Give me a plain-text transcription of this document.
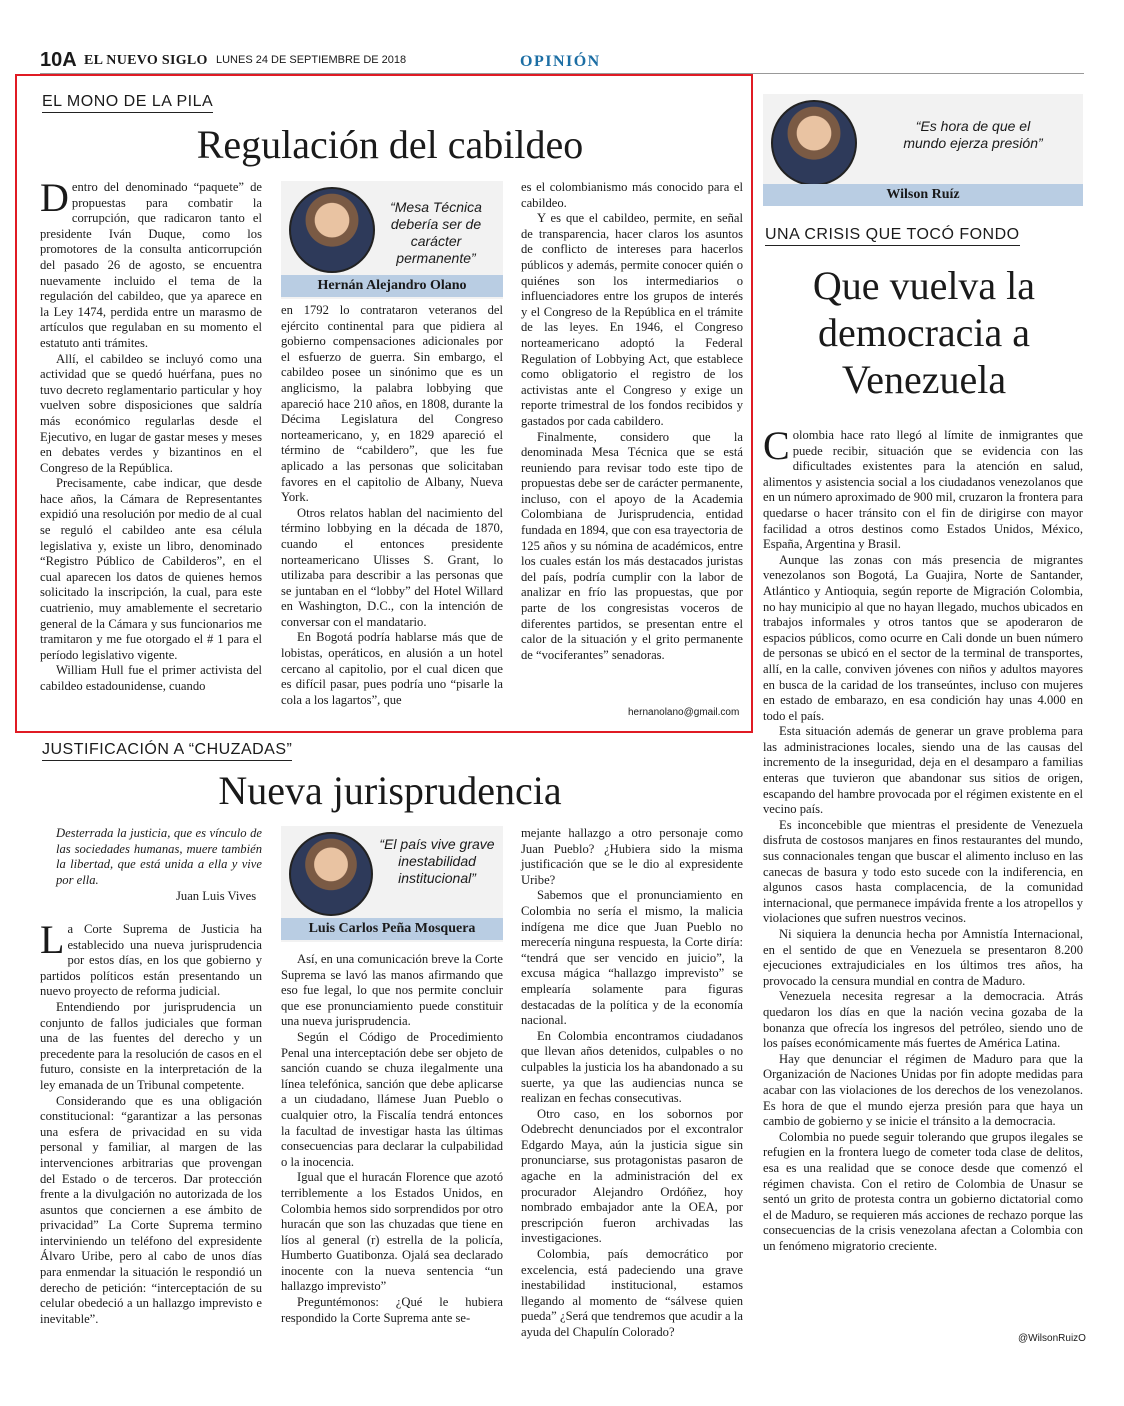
10A EL NUEVO SIGLO LUNES 24 DE SEPTIEMBRE DE 2018	OPINIÓN
EL MONO DE LA PILA
Regulación del cabildeo

Dentro del denominado “paquete” de propuestas para combatir la corrupción, que radicaron tanto el presidente Iván Duque, como los promotores de la consulta anticorrupción del pasado 26 de agosto, se encuentra nuevamente incluido el tema de la regulación del cabildeo, que ya aparece en la Ley 1474, perdida entre un marasmo de artículos que regulaban en su momento el estatuto anti trámites.

Allí, el cabildeo se incluyó como una actividad que se quedó huérfana, pues no tuvo decreto reglamentario particular y hoy vuelven sobre disposiciones que saldría más económico regularlas desde el Ejecutivo, en lugar de gastar meses y meses en debates verdes y bizantinos en el Congreso de la República.

Precisamente, cabe indicar, que desde hace años, la Cámara de Representantes expidió una resolución por medio de al cual se reguló el cabildeo ante esa célula legislativa y, existe un libro, denominado “Registro Público de Cabilderos”, en el cual aparecen los datos de quienes hemos solicitado la inscripción, la cual, para este cuatrienio, muy amablemente el secretario general de la Cámara y sus funcionarios me tramitaron y me fue otorgado el # 1 para el período legislativo vigente.

William Hull fue el primer activista del cabildeo estadounidense, cuando

“Mesa Técnica debería ser de carácter permanente”
Hernán Alejandro Olano

en 1792 lo contrataron veteranos del ejército continental para que pidiera al gobierno compensaciones adicionales por el esfuerzo de guerra. Sin embargo, el cabildeo posee un sinónimo que es un anglicismo, la palabra lobbying que apareció hace 210 años, en 1808, durante la Décima Legislatura del Congreso norteamericano, y, en 1829 apareció el término de “cabildero”, que les fue aplicado a las personas que solicitaban favores en el capitolio de Albany, Nueva York.

Otros relatos hablan del nacimiento del término lobbying en la década de 1870, cuando el entonces presidente norteamericano Ulisses S. Grant, lo utilizaba para describir a las personas que se juntaban en el “lobby” del Hotel Willard en Washington, D.C., con la intención de conversar con el mandatario.

En Bogotá podría hablarse más que de lobistas, operáticos, en alusión a un hotel cercano al capitolio, por el cual dicen que es difícil pasar, pues podría uno “pisarle la cola a los lagartos”, que

es el colombianismo más conocido para el cabildeo.

Y es que el cabildeo, permite, en señal de transparencia, hacer claros los asuntos de conflicto de intereses para hacerlos públicos y además, permite conocer quién o quiénes son los intermediarios o influenciadores entre los grupos de interés y el Congreso de la República en el trámite de las leyes. En 1946, el Congreso norteamericano adoptó la Federal Regulation of Lobbying Act, que establece como obligatorio el registro de los activistas ante el Congreso y exige un reporte trimestral de los fondos recibidos y gastados por cada cabildero.

Finalmente, considero que la denominada Mesa Técnica que se está reuniendo para revisar todo este tipo de propuestas debe ser de carácter permanente, incluso, con el apoyo de la Academia Colombiana de Jurisprudencia, entidad fundada en 1894, que con esa trayectoria de 125 años y su nómina de académicos, entre los cuales están los más destacados juristas del país, podría cumplir con la labor de analizar en frío las propuestas, que por parte de los congresistas voceros de diferentes partidos, se presentan entre el calor de la situación y el grito permanente de “vociferantes” senadoras.

hernanolano@gmail.com
JUSTIFICACIÓN A “CHUZADAS”
Nueva jurisprudencia
Desterrada la justicia, que es vínculo de las sociedades humanas, muere también la libertad, que está unida a ella y vive por ella.
Juan Luis Vives

La Corte Suprema de Justicia ha establecido una nueva jurisprudencia por estos días, en los que gobierno y partidos políticos están presentando un nuevo proyecto de reforma judicial.

Entendiendo por jurisprudencia un conjunto de fallos judiciales que forman una de las fuentes del derecho y un precedente para la resolución de casos en el futuro, consiste en la interpretación de la ley emanada de un Tribunal competente.

Considerando que es una obligación constitucional: “garantizar a las personas una esfera de privacidad en su vida personal y familiar, al margen de las intervenciones arbitrarias que provengan del Estado o de terceros. Dar protección frente a la divulgación no autorizada de los asuntos que conciernen a ese ámbito de privacidad” La Corte Suprema termino interviniendo un teléfono del expresidente Álvaro Uribe, pero al cabo de unos días para enmendar la situación le respondió un derecho de petición: “interceptación de su celular obedeció a un hallazgo imprevisto e inevitable”.

“El país vive grave inestabilidad institucional”
Luis Carlos Peña Mosquera

Así, en una comunicación breve la Corte Suprema se lavó las manos afirmando que eso fue legal, lo que nos permite concluir que ese pronunciamiento puede constituir una nueva jurisprudencia.

Según el Código de Procedimiento Penal una interceptación debe ser objeto de sanción cuando se chuza ilegalmente una línea telefónica, sanción que debe aplicarse a un ciudadano, llámese Juan Pueblo o cualquier otro, la Fiscalía tendrá entonces la facultad de investigar hasta las últimas consecuencias para declarar la culpabilidad o la inocencia.

Igual que el huracán Florence que azotó terriblemente a los Estados Unidos, en Colombia hemos sido sorprendidos por otro huracán que son las chuzadas que tiene en líos al general (r) estrella de la policía, Humberto Guatibonza. Ojalá sea declarado inocente con la nueva sentencia “un hallazgo imprevisto”

Preguntémonos: ¿Qué le hubiera respondido la Corte Suprema ante se-

mejante hallazgo a otro personaje como Juan Pueblo? ¿Hubiera sido la misma justificación que se le dio al expresidente Uribe?

Sabemos que el pronunciamiento en Colombia no sería el mismo, la malicia indígena me dice que Juan Pueblo no merecería ninguna respuesta, la Corte diría: “tendrá que ser vencido en juicio”, la excusa mágica “hallazgo imprevisto” se emplearía solamente para figuras destacadas de la política y de la economía nacional.

En Colombia encontramos ciudadanos que llevan años detenidos, culpables o no culpables la justicia los ha abandonado a su suerte, ya que las audiencias nunca se realizan en fechas consecutivas.

Otro caso, en los sobornos por Odebrecht denunciados por el excontralor Edgardo Maya, aún la justicia sigue sin pronunciarse, sus protagonistas pasaron de agache en la administración del ex procurador Alejandro Ordóñez, hoy nombrado embajador ante la OEA, por prescripción fueron archivadas las investigaciones.

Colombia, país democrático por excelencia, está padeciendo una grave inestabilidad institucional, estamos llegando al momento de “sálvese quien pueda” ¿Será que tendremos que acudir a la ayuda del Chapulín Colorado?

“Es hora de que el mundo ejerza presión”
Wilson Ruíz
UNA CRISIS QUE TOCÓ FONDO
Que vuelva la democracia a Venezuela

Colombia hace rato llegó al límite de inmigrantes que puede recibir, situación que se evidencia con las dificultades existentes para la atención en salud, alimentos y asistencia social a los ciudadanos venezolanos que en un número aproximado de 900 mil, cruzaron la frontera para quedarse o hacer tránsito con el fin de dirigirse con mayor facilidad a otros destinos como Estados Unidos, México, España, Argentina y Brasil.

Aunque las zonas con más presencia de migrantes venezolanos son Bogotá, La Guajira, Norte de Santander, Atlántico y Antioquia, según reporte de Migración Colombia, no hay municipio al que no hayan llegado, muchos ubicados en trabajos informales y otros tantos que se apoderaron de espacios públicos, como ocurre en Cali donde un buen número de personas se ubicó en el sector de la terminal de transportes, allí, en la calle, conviven jóvenes con niños y adultos mayores en busca de la caridad de los transeúntes, incluso con mujeres en estado de embarazo, en esa condición hay unas 4.000 en todo el país.

Esta situación además de generar un grave problema para las administraciones locales, siendo una de las causas del incremento de la inseguridad, deja en el desamparo a familias enteras que tuvieron que abandonar sus sitios de origen, escapando del hambre provocada por el régimen existente en el vecino país.

Es inconcebible que mientras el presidente de Venezuela disfruta de costosos manjares en finos restaurantes del mundo, sus connacionales tengan que buscar el alimento incluso en las canecas de basura y todo esto sucede con la indiferencia, en algunos casos hasta complacencia, de la comunidad internacional, que permanece impávida frente a los atropellos y violaciones que sufren nuestros vecinos.

Ni siquiera la denuncia hecha por Amnistía Internacional, en el sentido de que en Venezuela se presentaron 8.200 ejecuciones extrajudiciales en los últimos tres años, ha provocado la censura mundial en contra de Maduro.

Venezuela necesita regresar a la democracia. Atrás quedaron los días en que la nación vecina gozaba de la bonanza que ofrecía los ingresos del petróleo, siendo uno de los países económicamente más fuertes de América Latina.

Hay que denunciar el régimen de Maduro para que la Organización de Naciones Unidas por fin adopte medidas para acabar con las violaciones de los derechos de los venezolanos. Es hora de que el mundo ejerza presión para que haya un cambio de gobierno y se inicie el tránsito a la democracia.

Colombia no puede seguir tolerando que grupos ilegales se refugien en la frontera luego de cometer toda clase de delitos, esa es una realidad que se conoce desde que comenzó el régimen chavista. Con el retiro de Colombia de Unasur se sentó un grito de protesta contra un gobierno dictatorial como el de Maduro, se requieren más acciones de rechazo porque las consecuencias de la crisis venezolana afectan a Colombia con un fenómeno migratorio creciente.

@WilsonRuizO
